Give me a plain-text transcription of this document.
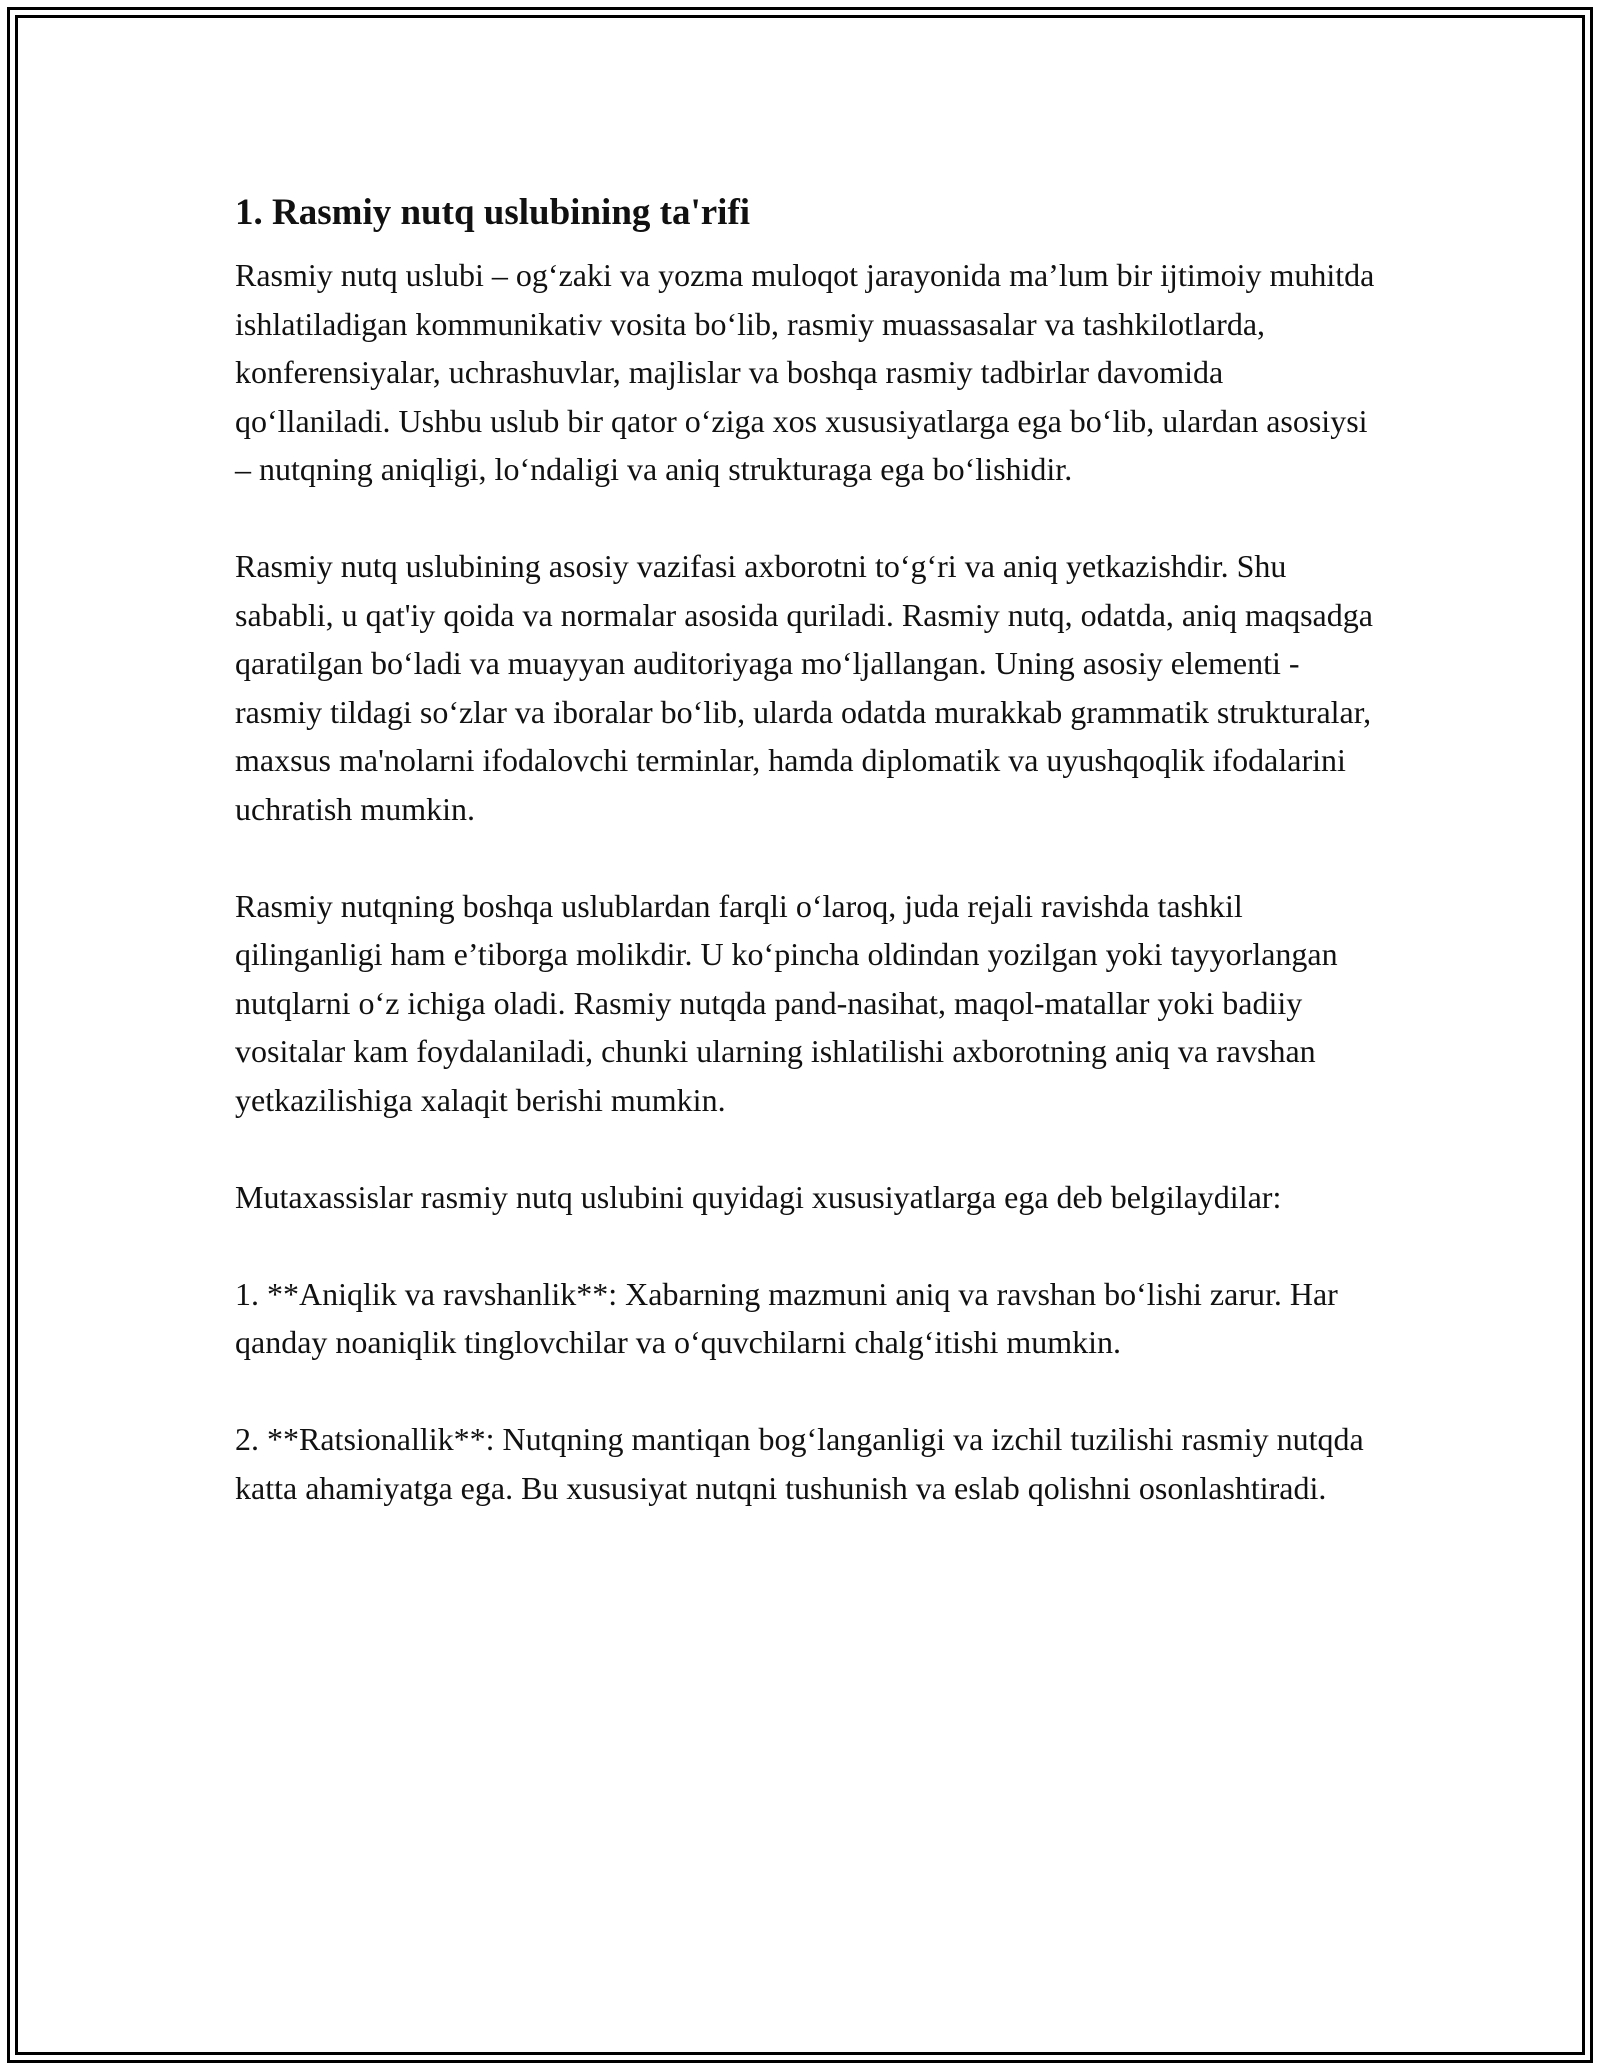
1. Rasmiy nutq uslubining ta'rifi

Rasmiy nutq uslubi – og‘zaki va yozma muloqot jarayonida ma’lum bir ijtimoiy muhitda ishlatiladigan kommunikativ vosita bo‘lib, rasmiy muassasalar va tashkilotlarda, konferensiyalar, uchrashuvlar, majlislar va boshqa rasmiy tadbirlar davomida qo‘llaniladi. Ushbu uslub bir qator o‘ziga xos xususiyatlarga ega bo‘lib, ulardan asosiysi – nutqning aniqligi, lo‘ndaligi va aniq strukturaga ega bo‘lishidir.

Rasmiy nutq uslubining asosiy vazifasi axborotni to‘g‘ri va aniq yetkazishdir. Shu sababli, u qat'iy qoida va normalar asosida quriladi. Rasmiy nutq, odatda, aniq maqsadga qaratilgan bo‘ladi va muayyan auditoriyaga mo‘ljallangan. Uning asosiy elementi - rasmiy tildagi so‘zlar va iboralar bo‘lib, ularda odatda murakkab grammatik strukturalar, maxsus ma'nolarni ifodalovchi terminlar, hamda diplomatik va uyushqoqlik ifodalarini uchratish mumkin.

Rasmiy nutqning boshqa uslublardan farqli o‘laroq, juda rejali ravishda tashkil qilinganligi ham e’tiborga molikdir. U ko‘pincha oldindan yozilgan yoki tayyorlangan nutqlarni o‘z ichiga oladi. Rasmiy nutqda pand-nasihat, maqol-matallar yoki badiiy vositalar kam foydalaniladi, chunki ularning ishlatilishi axborotning aniq va ravshan yetkazilishiga xalaqit berishi mumkin.

Mutaxassislar rasmiy nutq uslubini quyidagi xususiyatlarga ega deb belgilaydilar:

1. **Aniqlik va ravshanlik**: Xabarning mazmuni aniq va ravshan bo‘lishi zarur. Har qanday noaniqlik tinglovchilar va o‘quvchilarni chalg‘itishi mumkin.

2. **Ratsionallik**: Nutqning mantiqan bog‘langanligi va izchil tuzilishi rasmiy nutqda katta ahamiyatga ega. Bu xususiyat nutqni tushunish va eslab qolishni osonlashtiradi.
